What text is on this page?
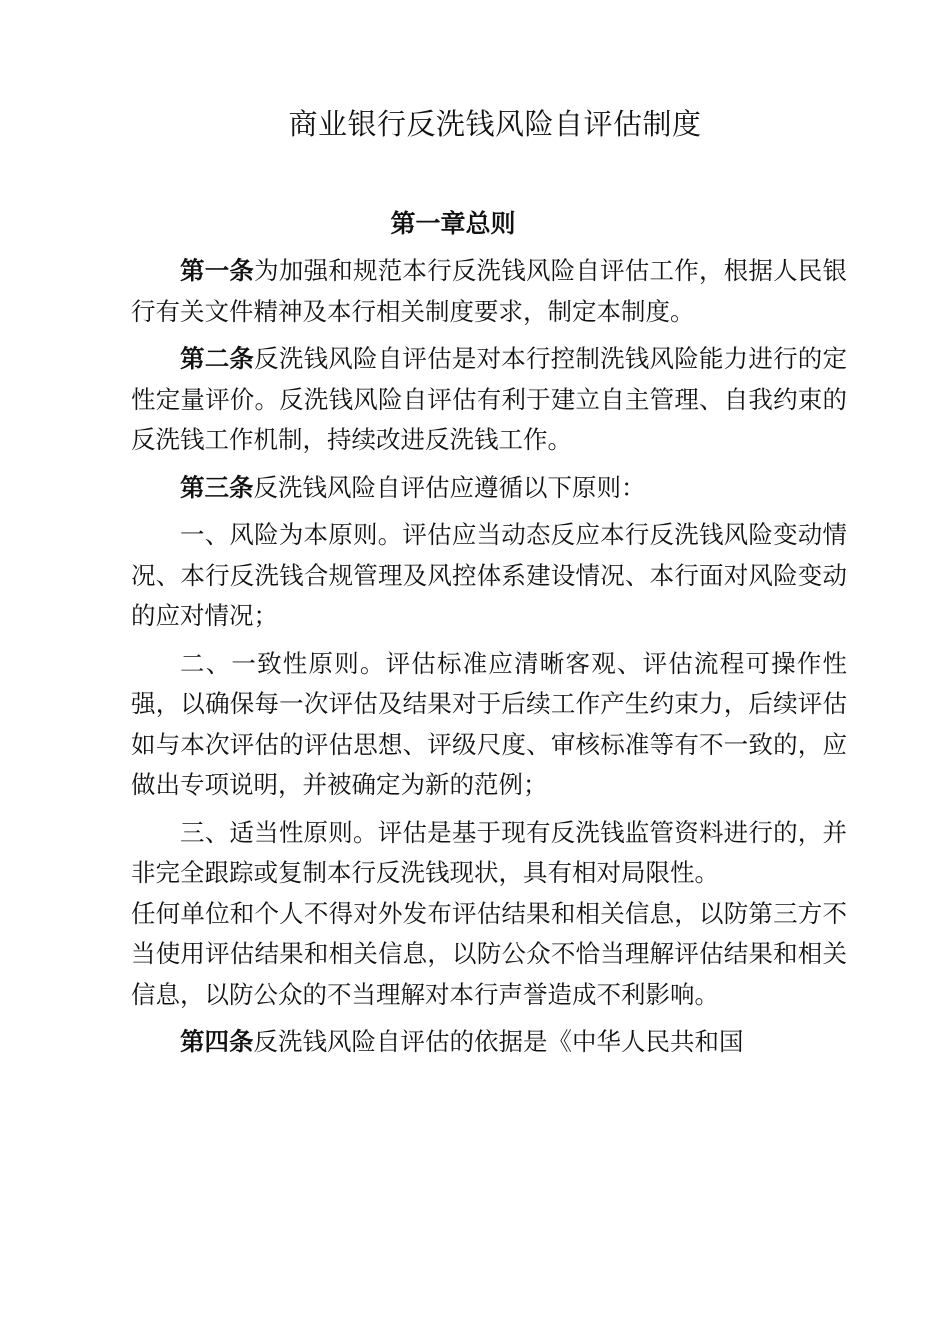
商业银行反洗钱风险自评估制度
第一章总则

第一条为加强和规范本行反洗钱风险自评估工作，根据人民银行有关文件精神及本行相关制度要求，制定本制度。

第二条反洗钱风险自评估是对本行控制洗钱风险能力进行的定性定量评价。反洗钱风险自评估有利于建立自主管理、自我约束的反洗钱工作机制，持续改进反洗钱工作。

第三条反洗钱风险自评估应遵循以下原则：

一、风险为本原则。评估应当动态反应本行反洗钱风险变动情况、本行反洗钱合规管理及风控体系建设情况、本行面对风险变动的应对情况；

二、一致性原则。评估标准应清晰客观、评估流程可操作性强，以确保每一次评估及结果对于后续工作产生约束力，后续评估如与本次评估的评估思想、评级尺度、审核标准等有不一致的，应做出专项说明，并被确定为新的范例；

三、适当性原则。评估是基于现有反洗钱监管资料进行的，并非完全跟踪或复制本行反洗钱现状，具有相对局限性。

任何单位和个人不得对外发布评估结果和相关信息，以防第三方不当使用评估结果和相关信息，以防公众不恰当理解评估结果和相关信息，以防公众的不当理解对本行声誉造成不利影响。

第四条反洗钱风险自评估的依据是《中华人民共和国
